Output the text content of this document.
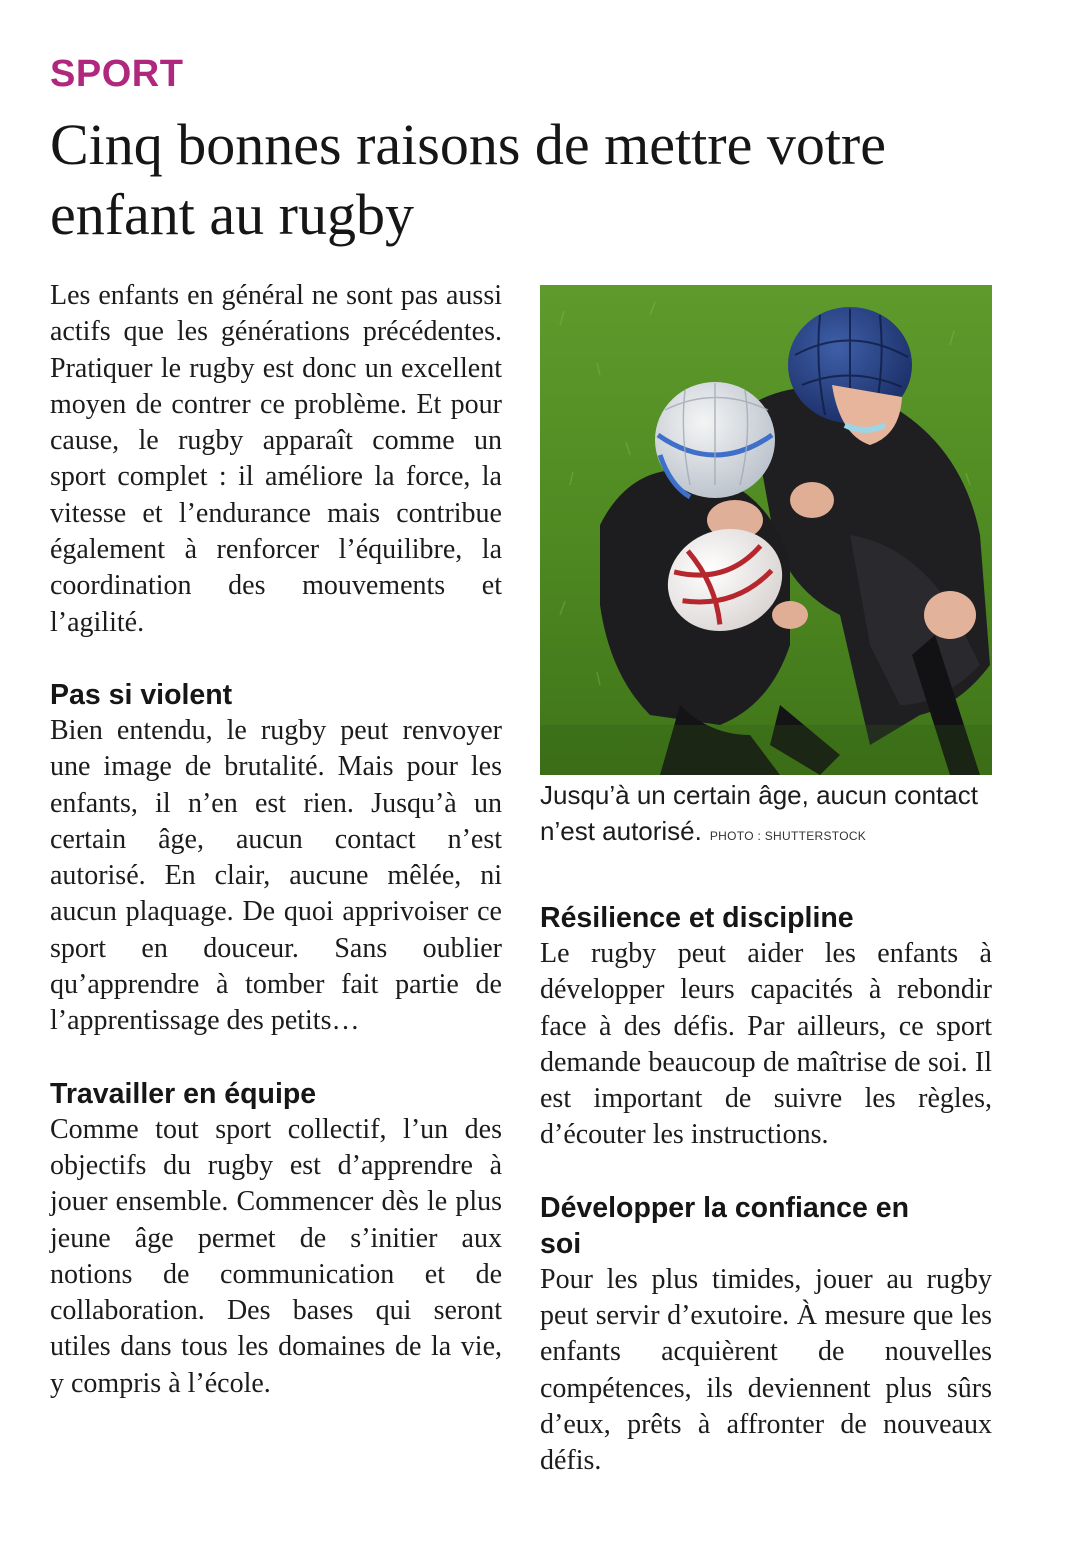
SPORT
Cinq bonnes raisons de mettre votre enfant au rugby

Les enfants en général ne sont pas aussi actifs que les générations précédentes. Pratiquer le rugby est donc un excellent moyen de contrer ce problème. Et pour cause, le rugby apparaît comme un sport complet : il améliore la force, la vitesse et l’endurance mais contribue également à renforcer l’équilibre, la coordination des mouvements et l’agilité.

Pas si violent

Bien entendu, le rugby peut renvoyer une image de brutalité. Mais pour les enfants, il n’en est rien. Jusqu’à un certain âge, aucun contact n’est autorisé. En clair, aucune mêlée, ni aucun plaquage. De quoi apprivoiser ce sport en douceur. Sans oublier qu’apprendre à tomber fait partie de l’apprentissage des petits…

Travailler en équipe

Comme tout sport collectif, l’un des objectifs du rugby est d’apprendre à jouer ensemble. Commencer dès le plus jeune âge permet de s’initier aux notions de communication et de collaboration. Des bases qui seront utiles dans tous les domaines de la vie, y compris à l’école.

Jusqu’à un certain âge, aucun contact n’est autorisé. PHOTO : SHUTTERSTOCK

Résilience et discipline

Le rugby peut aider les enfants à développer leurs capacités à rebondir face à des défis. Par ailleurs, ce sport demande beaucoup de maîtrise de soi. Il est important de suivre les règles, d’écouter les instructions.

Développer la confiance en soi

Pour les plus timides, jouer au rugby peut servir d’exutoire. À mesure que les enfants acquièrent de nouvelles compétences, ils deviennent plus sûrs d’eux, prêts à affronter de nouveaux défis.
